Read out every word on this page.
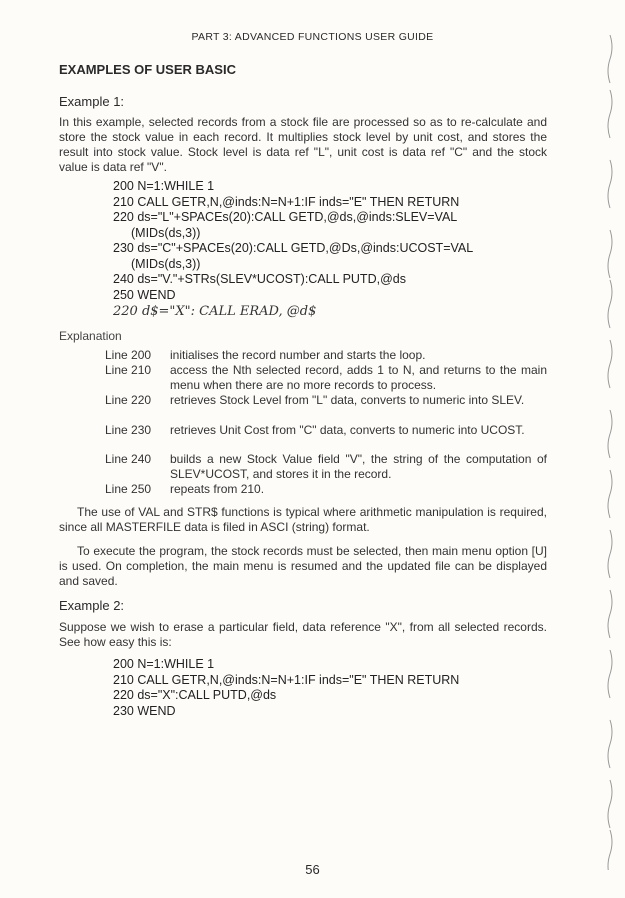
PART 3: ADVANCED FUNCTIONS USER GUIDE
EXAMPLES OF USER BASIC
Example 1:
In this example, selected records from a stock file are processed so as to re-calculate and store the stock value in each record. It multiplies stock level by unit cost, and stores the result into stock value. Stock level is data ref "L", unit cost is data ref "C" and the stock value is data ref "V".
200 N=1:WHILE 1
210 CALL GETR,N,@inds:N=N+1:IF inds="E" THEN RETURN
220 ds="L"+SPACEs(20):CALL GETD,@ds,@inds:SLEV=VAL
(MIDs(ds,3))
230 ds="C"+SPACEs(20):CALL GETD,@Ds,@inds:UCOST=VAL
(MIDs(ds,3))
240 ds="V."+STRs(SLEV*UCOST):CALL PUTD,@ds
250 WEND
220 d$="X": CALL ERAD, @d$
Explanation
Line 200	initialises the record number and starts the loop.
Line 210	access the Nth selected record, adds 1 to N, and returns to the main menu when there are no more records to process.
Line 220	retrieves Stock Level from "L" data, converts to numeric into SLEV.
Line 230	retrieves Unit Cost from "C" data, converts to numeric into UCOST.
Line 240	builds a new Stock Value field "V", the string of the computation of SLEV*UCOST, and stores it in the record.
Line 250	repeats from 210.
The use of VAL and STR$ functions is typical where arithmetic manipulation is required, since all MASTERFILE data is filed in ASCI (string) format.
To execute the program, the stock records must be selected, then main menu option [U] is used. On completion, the main menu is resumed and the updated file can be displayed and saved.
Example 2:
Suppose we wish to erase a particular field, data reference "X", from all selected records. See how easy this is:
200 N=1:WHILE 1
210 CALL GETR,N,@inds:N=N+1:IF inds="E" THEN RETURN
220 ds="X":CALL PUTD,@ds
230 WEND
56
